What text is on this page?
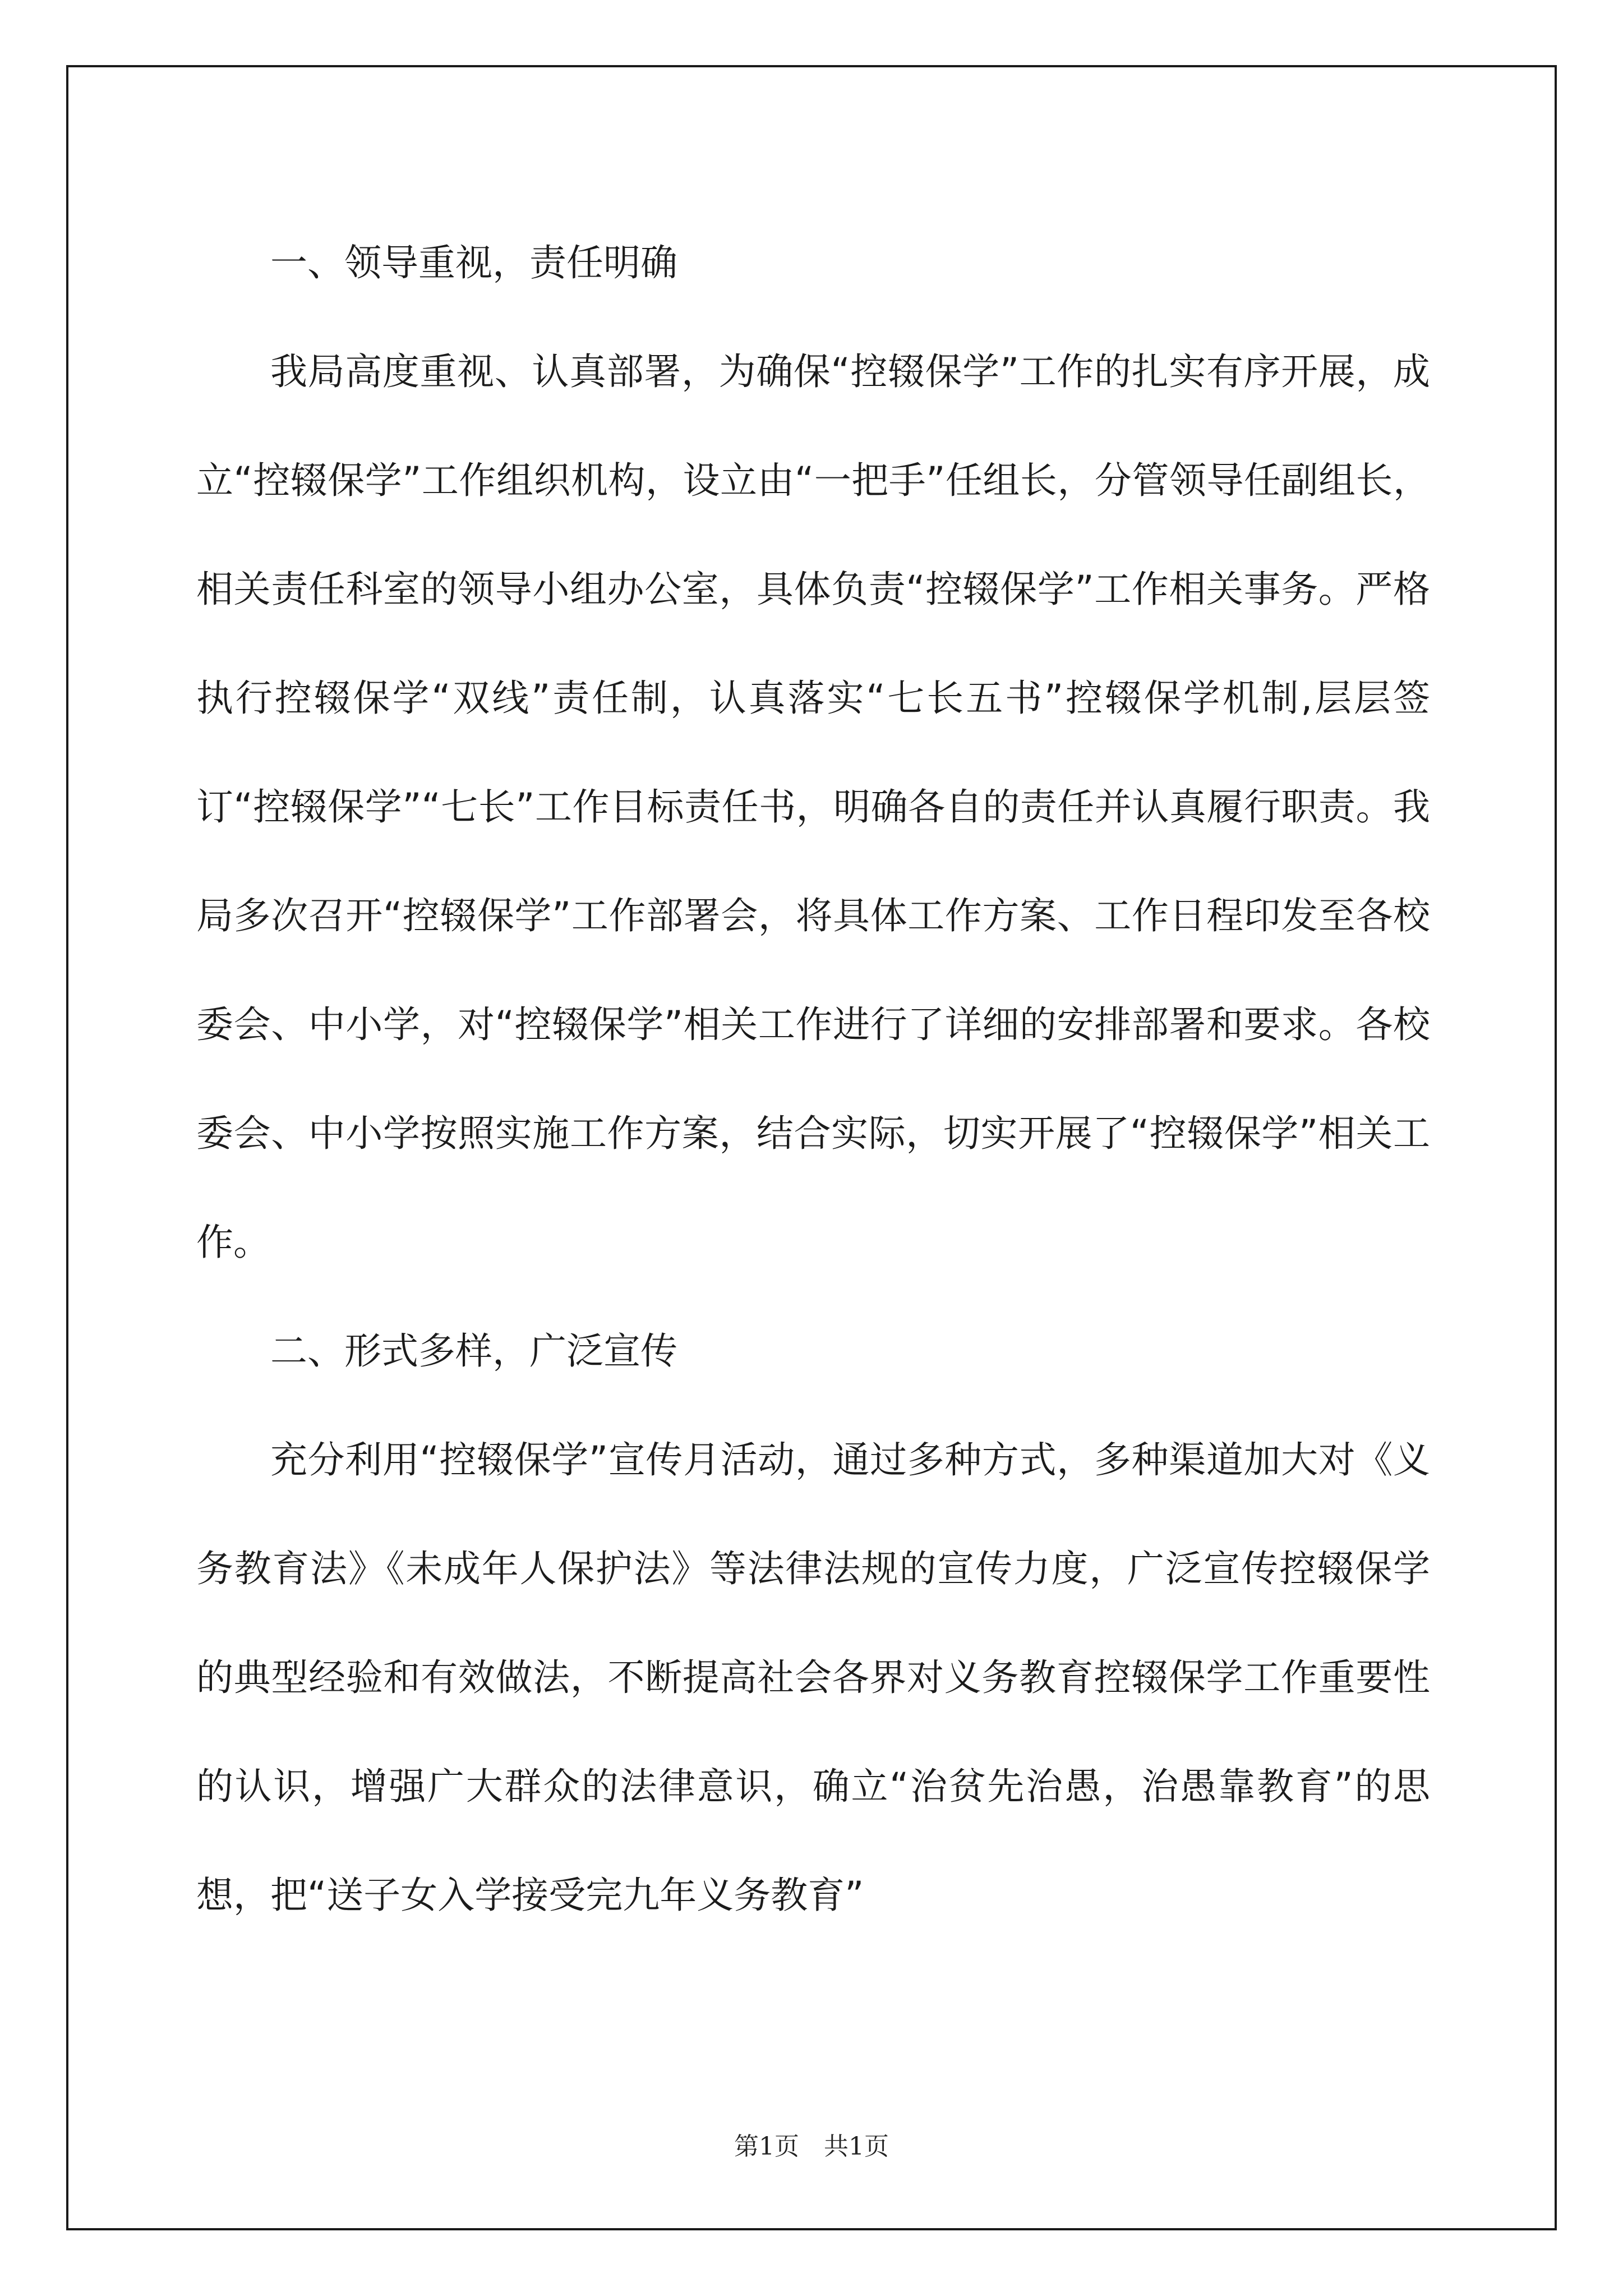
一、领导重视，责任明确

我局高度重视、认真部署，为确保“控辍保学”工作的扎实有序开展，成立“控辍保学”工作组织机构，设立由“一把手”任组长，分管领导任副组长，相关责任科室的领导小组办公室，具体负责“控辍保学”工作相关事务。严格执行控辍保学“双线”责任制，认真落实“七长五书”控辍保学机制,层层签订“控辍保学”“七长”工作目标责任书，明确各自的责任并认真履行职责。我局多次召开“控辍保学”工作部署会，将具体工作方案、工作日程印发至各校委会、中小学，对“控辍保学”相关工作进行了详细的安排部署和要求。各校委会、中小学按照实施工作方案，结合实际，切实开展了“控辍保学”相关工作。

二、形式多样，广泛宣传

充分利用“控辍保学”宣传月活动，通过多种方式，多种渠道加大对《义务教育法》《未成年人保护法》等法律法规的宣传力度，广泛宣传控辍保学的典型经验和有效做法，不断提高社会各界对义务教育控辍保学工作重要性的认识，增强广大群众的法律意识，确立“治贫先治愚，治愚靠教育”的思想，把“送子女入学接受完九年义务教育”

第1页 共1页
